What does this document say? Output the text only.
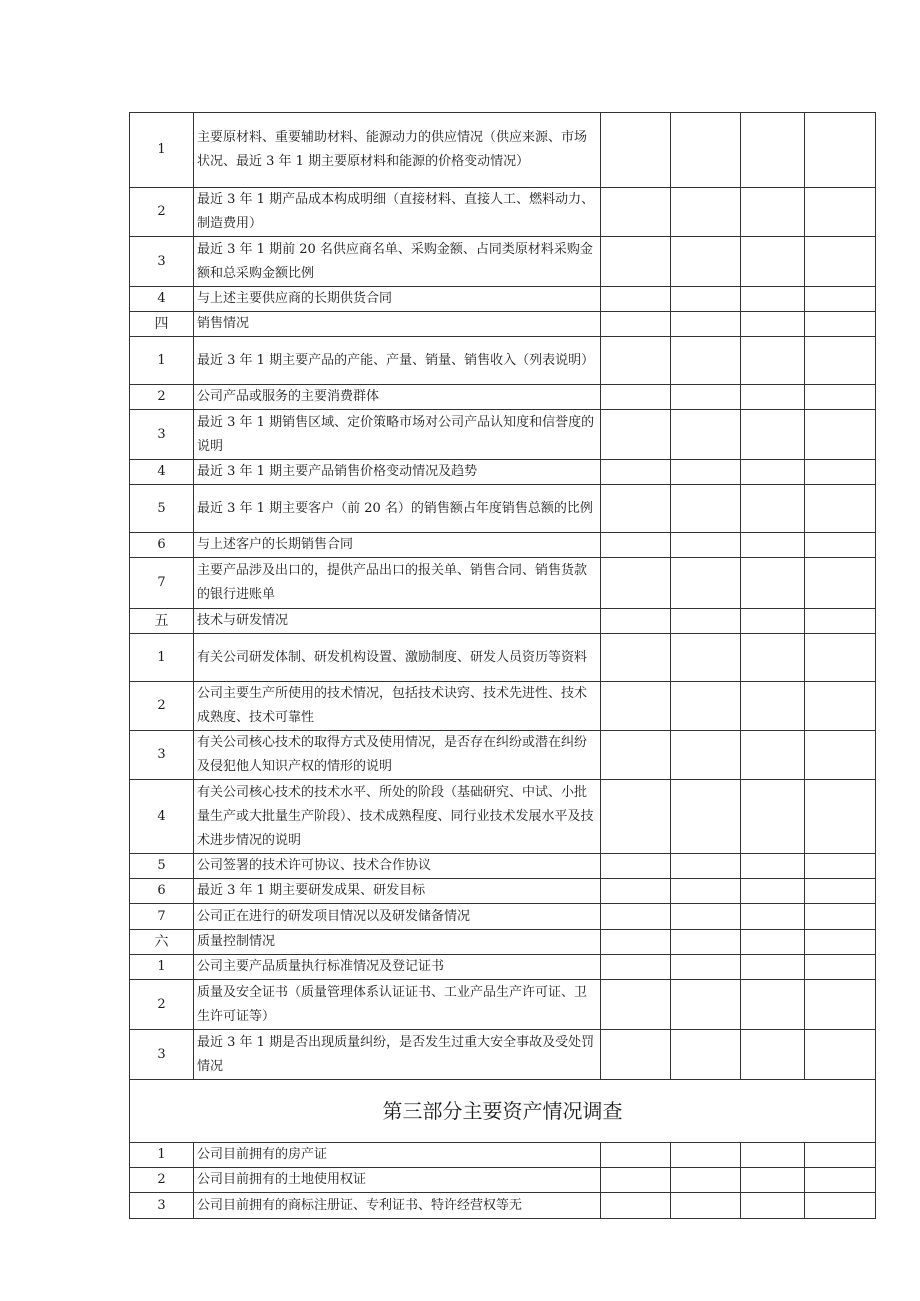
1	主要原材料、重要辅助材料、能源动力的供应情况（供应来源、市场状况、最近 3 年 1 期主要原材料和能源的价格变动情况）				
2	最近 3 年 1 期产品成本构成明细（直接材料、直接人工、燃料动力、制造费用）				
3	最近 3 年 1 期前 20 名供应商名单、采购金额、占同类原材料采购金额和总采购金额比例				
4	与上述主要供应商的长期供货合同				
四	销售情况				
1	最近 3 年 1 期主要产品的产能、产量、销量、销售收入（列表说明）				
2	公司产品或服务的主要消费群体				
3	最近 3 年 1 期销售区域、定价策略市场对公司产品认知度和信誉度的说明				
4	最近 3 年 1 期主要产品销售价格变动情况及趋势				
5	最近 3 年 1 期主要客户（前 20 名）的销售额占年度销售总额的比例				
6	与上述客户的长期销售合同				
7	主要产品涉及出口的，提供产品出口的报关单、销售合同、销售货款的银行进账单				
五	技术与研发情况				
1	有关公司研发体制、研发机构设置、激励制度、研发人员资历等资料				
2	公司主要生产所使用的技术情况，包括技术诀窍、技术先进性、技术成熟度、技术可靠性				
3	有关公司核心技术的取得方式及使用情况，是否存在纠纷或潜在纠纷及侵犯他人知识产权的情形的说明				
4	有关公司核心技术的技术水平、所处的阶段（基础研究、中试、小批量生产或大批量生产阶段）、技术成熟程度、同行业技术发展水平及技术进步情况的说明				
5	公司签署的技术许可协议、技术合作协议				
6	最近 3 年 1 期主要研发成果、研发目标				
7	公司正在进行的研发项目情况以及研发储备情况				
六	质量控制情况				
1	公司主要产品质量执行标准情况及登记证书				
2	质量及安全证书（质量管理体系认证证书、工业产品生产许可证、卫生许可证等）				
3	最近 3 年 1 期是否出现质量纠纷，是否发生过重大安全事故及受处罚情况				
第三部分主要资产情况调查					
1	公司目前拥有的房产证				
2	公司目前拥有的土地使用权证				
3	公司目前拥有的商标注册证、专利证书、特许经营权等无				
